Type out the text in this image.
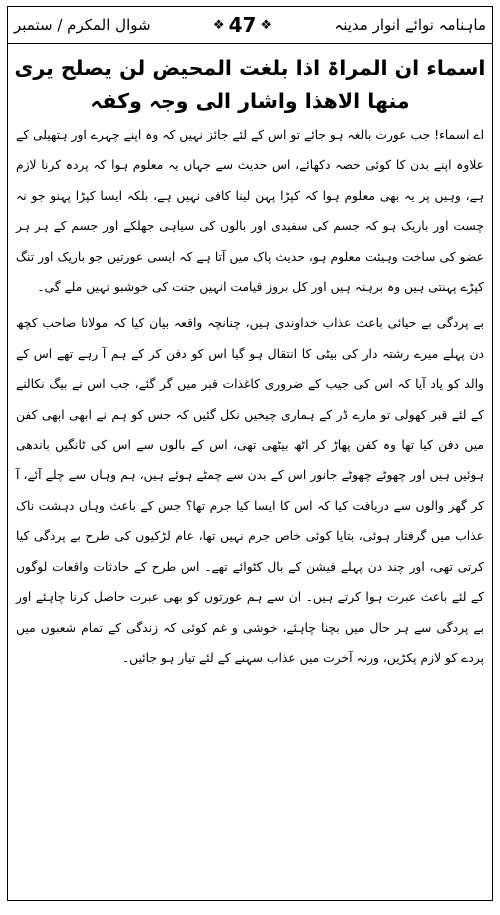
شوال المکرم / ستمبر	❖ 47 ❖	ماہنامہ نوائے انوار مدینہ
اسماء ان المراۃ اذا بلغت المحیض لن یصلح یری منھا الاھذا واشار الی وجہ وکفہ

اے اسماء! جب عورت بالغہ ہو جائے تو اس کے لئے جائز نہیں کہ وہ اپنے چہرے اور ہتھیلی کے علاوہ اپنے بدن کا کوئی حصہ دکھائے، اس حدیث سے جہاں یہ معلوم ہوا کہ پردہ کرنا لازم ہے، وہیں پر یہ بھی معلوم ہوا کہ کپڑا پہن لینا کافی نہیں ہے، بلکہ ایسا کپڑا پہنو جو نہ چست اور باریک ہو کہ جسم کی سفیدی اور بالوں کی سیاہی جھلکے اور جسم کے ہر ہر عضو کی ساخت وہیئت معلوم ہو، حدیث پاک میں آتا ہے کہ ایسی عورتیں جو باریک اور تنگ کپڑے پہنتی ہیں وہ برہنہ ہیں اور کل بروز قیامت انہیں جنت کی خوشبو نہیں ملے گی۔

بے پردگی بے حیائی باعث عذاب خداوندی ہیں، چنانچہ واقعہ بیان کیا کہ مولانا صاحب کچھ دن پہلے میرے رشتہ دار کی بیٹی کا انتقال ہو گیا اس کو دفن کر کے ہم آ رہے تھے اس کے والد کو یاد آیا کہ اس کی جیب کے ضروری کاغذات قبر میں گر گئے، جب اس نے بیگ نکالنے کے لئے قبر کھولی تو مارے ڈر کے ہماری چیخیں نکل گئیں کہ جس کو ہم نے ابھی ابھی کفن میں دفن کیا تھا وہ کفن پھاڑ کر اٹھ بیٹھی تھی، اس کے بالوں سے اس کی ٹانگیں باندھی ہوئیں ہیں اور چھوٹے چھوٹے جانور اس کے بدن سے چمٹے ہوئے ہیں، ہم وہاں سے چلے آئے، آ کر گھر والوں سے دریافت کیا کہ اس کا ایسا کیا جرم تھا؟ جس کے باعث وہاں دہشت ناک عذاب میں گرفتار ہوئی، بتایا کوئی خاص جرم نہیں تھا، عام لڑکیوں کی طرح بے پردگی کیا کرتی تھی، اور چند دن پہلے فیشن کے بال کٹوائے تھے۔ اس طرح کے حادثات واقعات لوگوں کے لئے باعث عبرت ہوا کرتے ہیں۔ ان سے ہم عورتوں کو بھی عبرت حاصل کرنا چاہئے اور بے پردگی سے ہر حال میں بچنا چاہئے، خوشی و غم کوئی کہ زندگی کے تمام شعبوں میں پردے کو لازم پکڑیں، ورنہ آخرت میں عذاب سہنے کے لئے تیار ہو جائیں۔
